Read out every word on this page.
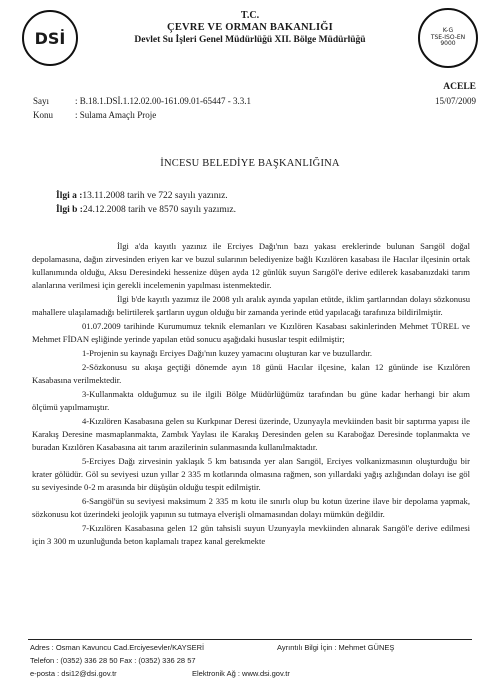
DSİ	K-G
TSE-ISO-EN
9000
T.C.
ÇEVRE VE ORMAN BAKANLIĞI
Devlet Su İşleri Genel Müdürlüğü XII. Bölge Müdürlüğü
ACELE
Sayı	: B.18.1.DSİ.1.12.02.00-161.09.01-65447 - 3.3.1	15/07/2009
Konu : Sulama Amaçlı Proje
İNCESU BELEDİYE BAŞKANLIĞINA
İlgi a :13.11.2008 tarih ve 722 sayılı yazınız.
İlgi b :24.12.2008 tarih ve 8570 sayılı yazımız.

İlgi a'da kayıtlı yazınız ile Erciyes Dağı'nın bazı yakası ereklerinde bulunan Sarıgöl doğal depolamasına, dağın zirvesinden eriyen kar ve buzul sularının belediyenize bağlı Kızılören kasabası ile Hacılar ilçesinin ortak kullanımında olduğu, Aksu Deresindeki hessenize düşen ayda 12 günlük suyun Sarıgöl'e derive edilerek kasabanızdaki tarım alanlarına verilmesi için gerekli incelemenin yapılması istenmektedir.

İlgi b'de kayıtlı yazımız ile 2008 yılı aralık ayında yapılan etütde, iklim şartlarından dolayı sözkonusu mahallere ulaşılamadığı belirtilerek şartların uygun olduğu bir zamanda yerinde etüd yapılacağı tarafınıza bildirilmiştir.

01.07.2009 tarihinde Kurumumuz teknik elemanları ve Kızılören Kasabası sakinlerinden Mehmet TÜREL ve Mehmet FİDAN eşliğinde yerinde yapılan etüd sonucu aşağıdaki hususlar tespit edilmiştir;

1-Projenin su kaynağı Erciyes Dağı'nın kuzey yamacını oluşturan kar ve buzullardır.

2-Sözkonusu su akışa geçtiği dönemde ayın 18 günü Hacılar ilçesine, kalan 12 gününde ise Kızılören Kasabasına verilmektedir.

3-Kullanmakta olduğumuz su ile ilgili Bölge Müdürlüğümüz tarafından bu güne kadar herhangi bir akım ölçümü yapılmamıştır.

4-Kızılören Kasabasına gelen su Kurkpınar Deresi üzerinde, Uzunyayla mevkiinden basit bir saptırma yapısı ile Karakış Deresine masmaplanmakta, Zambık Yaylası ile Karakış Deresinden gelen su Karaboğaz Deresinde toplanmakta ve buradan Kızılören Kasabasına ait tarım arazilerinin sulanmasında kullanılmaktadır.

5-Erciyes Dağı zirvesinin yaklaşık 5 km batısında yer alan Sarıgöl, Erciyes volkanizmasının oluşturduğu bir krater gölüdür. Göl su seviyesi uzun yıllar 2 335 m kotlarında olmasına rağmen, son yıllardaki yağış azlığından dolayı ise göl su seviyesinde 0-2 m arasında bir düşüşün olduğu tespit edilmiştir.

6-Sarıgöl'ün su seviyesi maksimum 2 335 m kotu ile sınırlı olup bu kotun üzerine ilave bir depolama yapmak, sözkonusu kot üzerindeki jeolojik yapının su tutmaya elverişli olmamasından dolayı mümkün değildir.

7-Kızılören Kasabasına gelen 12 gün tahsisli suyun Uzunyayla mevkiinden alınarak Sarıgöl'e derive edilmesi için 3 300 m uzunluğunda beton kaplamalı trapez kanal gerekmekte

Adres : Osman Kavuncu Cad.Erciyesevler/KAYSERİ	Ayrıntılı Bilgi İçin : Mehmet GÜNEŞ
Telefon : (0352) 336 28 50 Fax : (0352) 336 28 57
e-posta : dsi12@dsi.gov.tr	Elektronik Ağ : www.dsi.gov.tr
